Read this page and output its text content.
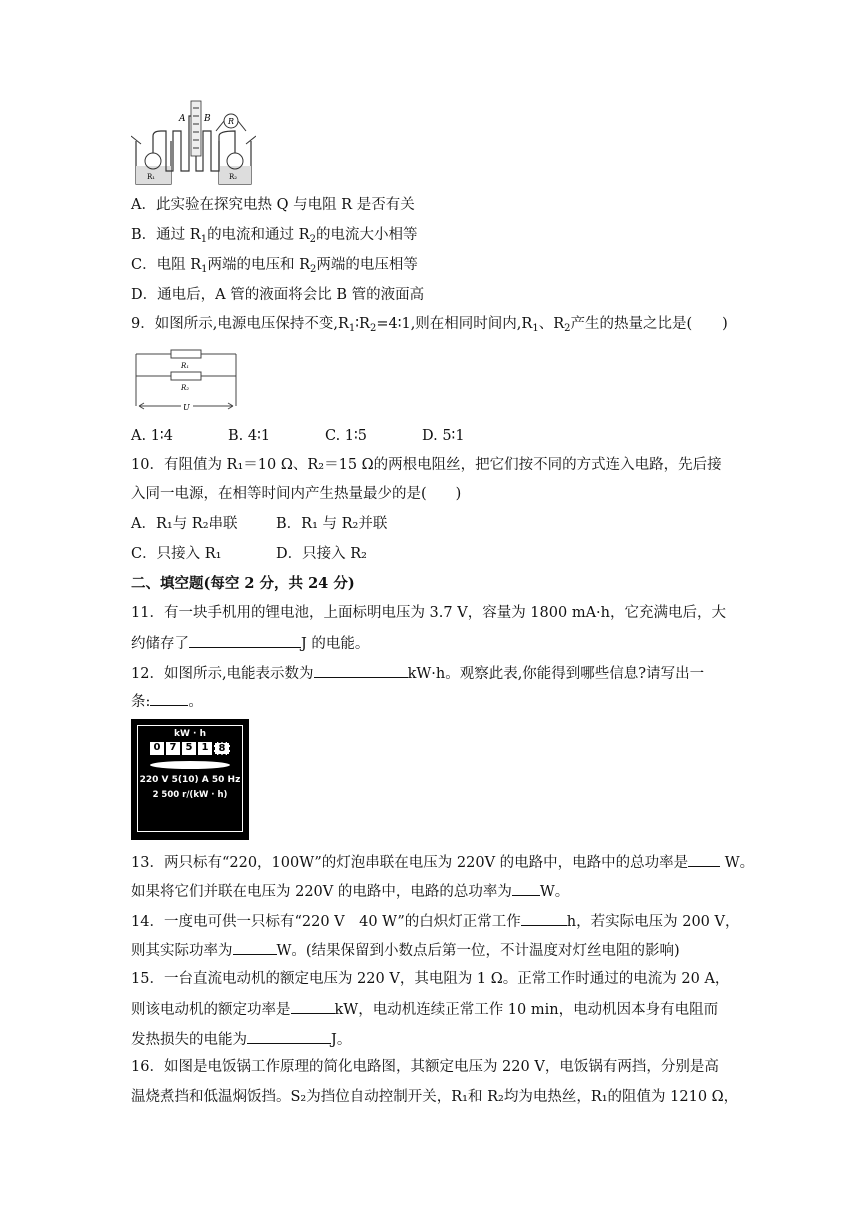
A B R
R₁	R₂
A．此实验在探究电热 Q 与电阻 R 是否有关
B．通过 $R_1$的电流和通过 $R_2$的电流大小相等
C．电阻 $R_1$两端的电压和 $R_2$两端的电压相等
D．通电后，A 管的液面将会比 B 管的液面高
9．如图所示,电源电压保持不变$,R_1∶R_2=4∶1$,则在相同时间内$,R_1$、$R_2$产生的热量之比是( )
R₁
R₂
U
A. 1∶4	B. 4∶1	C. 1∶5	D. 5∶1
10．有阻值为 R₁＝10 Ω、R₂＝15 Ω的两根电阻丝，把它们按不同的方式连入电路，先后接
入同一电源，在相等时间内产生热量最少的是(　　)
A．R₁与 R₂串联	B．R₁ 与 R₂并联
C．只接入 R₁	D．只接入 R₂
二、填空题(每空 2 分，共 24 分)
11．有一块手机用的锂电池，上面标明电压为 3.7 V，容量为 1800 mA·h，它充满电后，大
约储存了	J 的电能。
12．如图所示,电能表示数为	kW·h。观察此表,你能得到哪些信息?请写出一
条:	。
kW · h
0 7 5 1	8
220 V 5(10) A 50 Hz
2 500 r/(kW · h)
13．两只标有“220，100W”的灯泡串联在电压为 220V 的电路中，电路中的总功率是 W。
如果将它们并联在电压为 220V 的电路中，电路的总功率为 W。
14．一度电可供一只标有“220 V　40 W”的白炽灯正常工作	h，若实际电压为 200 V，
则其实际功率为	W。(结果保留到小数点后第一位，不计温度对灯丝电阻的影响)
15．一台直流电动机的额定电压为 220 V，其电阻为 1 Ω。正常工作时通过的电流为 20 A，
则该电动机的额定功率是	kW，电动机连续正常工作 10 min，电动机因本身有电阻而
发热损失的电能为	J。
16．如图是电饭锅工作原理的简化电路图，其额定电压为 220 V，电饭锅有两挡，分别是高
温烧煮挡和低温焖饭挡。S₂为挡位自动控制开关，R₁和 R₂均为电热丝，R₁的阻值为 1210 Ω，
